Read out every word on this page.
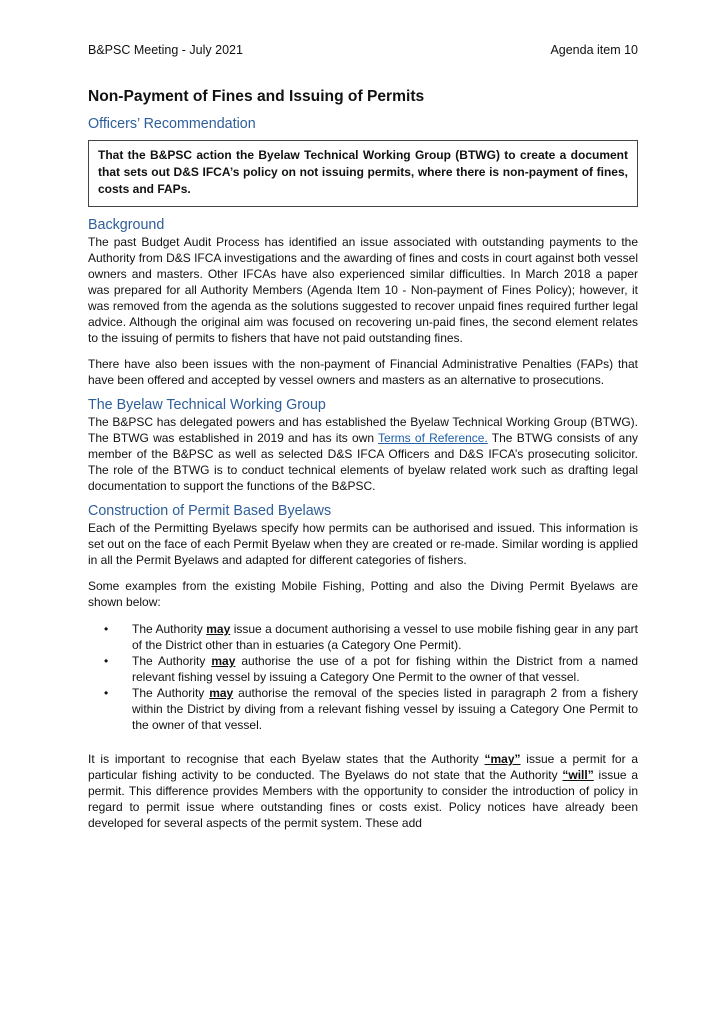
B&PSC Meeting - July 2021	Agenda item 10
Non-Payment of Fines and Issuing of Permits
Officers’ Recommendation
That the B&PSC action the Byelaw Technical Working Group (BTWG) to create a document that sets out D&S IFCA’s policy on not issuing permits, where there is non-payment of fines, costs and FAPs.
Background

The past Budget Audit Process has identified an issue associated with outstanding payments to the Authority from D&S IFCA investigations and the awarding of fines and costs in court against both vessel owners and masters. Other IFCAs have also experienced similar difficulties. In March 2018 a paper was prepared for all Authority Members (Agenda Item 10 - Non-payment of Fines Policy); however, it was removed from the agenda as the solutions suggested to recover unpaid fines required further legal advice. Although the original aim was focused on recovering un-paid fines, the second element relates to the issuing of permits to fishers that have not paid outstanding fines.

There have also been issues with the non-payment of Financial Administrative Penalties (FAPs) that have been offered and accepted by vessel owners and masters as an alternative to prosecutions.

The Byelaw Technical Working Group

The B&PSC has delegated powers and has established the Byelaw Technical Working Group (BTWG). The BTWG was established in 2019 and has its own Terms of Reference. The BTWG consists of any member of the B&PSC as well as selected D&S IFCA Officers and D&S IFCA’s prosecuting solicitor. The role of the BTWG is to conduct technical elements of byelaw related work such as drafting legal documentation to support the functions of the B&PSC.

Construction of Permit Based Byelaws

Each of the Permitting Byelaws specify how permits can be authorised and issued. This information is set out on the face of each Permit Byelaw when they are created or re-made. Similar wording is applied in all the Permit Byelaws and adapted for different categories of fishers.

Some examples from the existing Mobile Fishing, Potting and also the Diving Permit Byelaws are shown below:

• The Authority may issue a document authorising a vessel to use mobile fishing gear in any part of the District other than in estuaries (a Category One Permit).
• The Authority may authorise the use of a pot for fishing within the District from a named relevant fishing vessel by issuing a Category One Permit to the owner of that vessel.
• The Authority may authorise the removal of the species listed in paragraph 2 from a fishery within the District by diving from a relevant fishing vessel by issuing a Category One Permit to the owner of that vessel.

It is important to recognise that each Byelaw states that the Authority “may” issue a permit for a particular fishing activity to be conducted. The Byelaws do not state that the Authority “will” issue a permit. This difference provides Members with the opportunity to consider the introduction of policy in regard to permit issue where outstanding fines or costs exist. Policy notices have already been developed for several aspects of the permit system. These add
